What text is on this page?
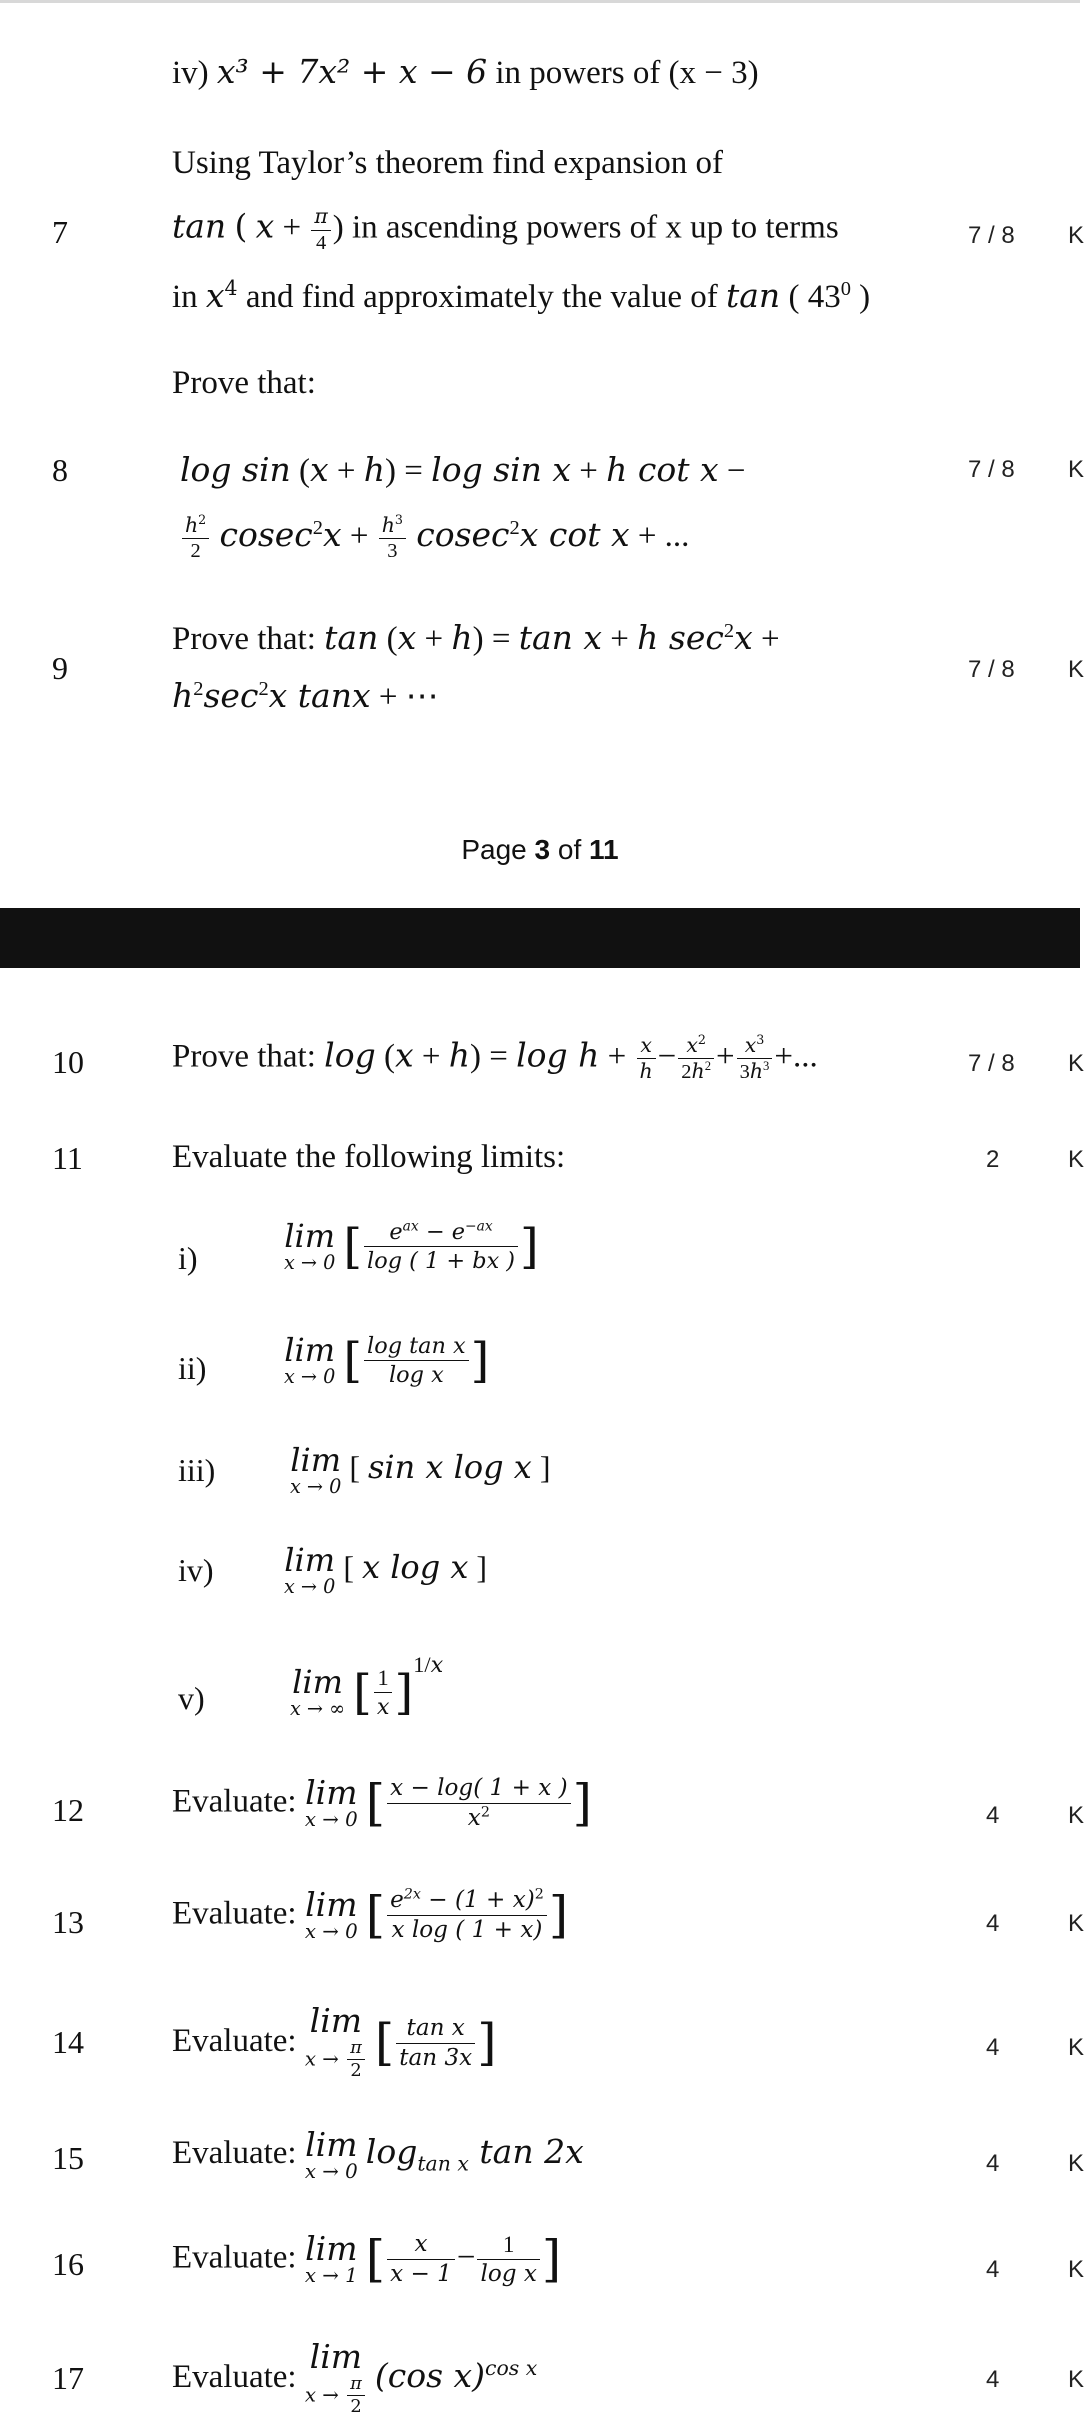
iv) x³ + 7x² + x − 6 in powers of (x − 3)
7
Using Taylor’s theorem find expansion of
tan ( $x + \frac{\pi}{4}$ ) in ascending powers of x up to terms
in $x^4$ and find approximately the value of tan ( $43^0$ )
7 / 8 K
Prove that:
8	log sin (x + h) = log sin x + h cot x −
$\frac{h^2}{2} cosec^2x + \frac{h^3}{3} cosec^2x$ cot x + ...
7 / 8 K
9
Prove that: tan (x + h) = tan x + h $\sec^2x$ +
$h^2\sec^2x$ tanx + ⋯
7 / 8 K
Page 3 of 11
10	Prove that: $\log (x + h) = \log h + \frac{x}{h} - \frac{x^2}{2h^2} + \frac{x^3}{3h^3}$ +...	7 / 8 K
11	Evaluate the following limits:	2	K
i)
lim
x → 0 [ $\frac{e^{ax} - e^{-ax}}{\log ( 1 + bx )}$ ]
ii) lim
x → 0 [ $\frac{\text{log tan x}}{\text{log x}}$ ]
iii) lim
x → 0
[ sin x log x ]
iv) lim
x → 0
[ x log x ]
v)	lim
x → ∞ [ $\frac{1}{x} ]^{1/x}$
12	Evaluate: lim
x → 0 [ $\frac{x - \log( 1 + x )}{x^2}$ ]	4	K
13	Evaluate: lim
x → 0 [ $\frac{e^{2x} - (1 + x)^2}{\text{x log ( 1 + x)}}$ ]	4	K
14	Evaluate:
lim
$x \to \frac{\pi}{2}$ [ $\frac{\text{tan x}}{\tan 3x}$ ]	4	K
15	Evaluate: lim
x → 0
$\log_{tan x} \tan 2x$	4	K
16	Evaluate: lim
x → 1 [ $\frac{x}{x - 1} - \frac{1}{\text{log x}}$ ]	4	K
17	Evaluate:
lim
$x \to \frac{\pi}{2} (\cos$ x)$^{cos x}$	4	K
